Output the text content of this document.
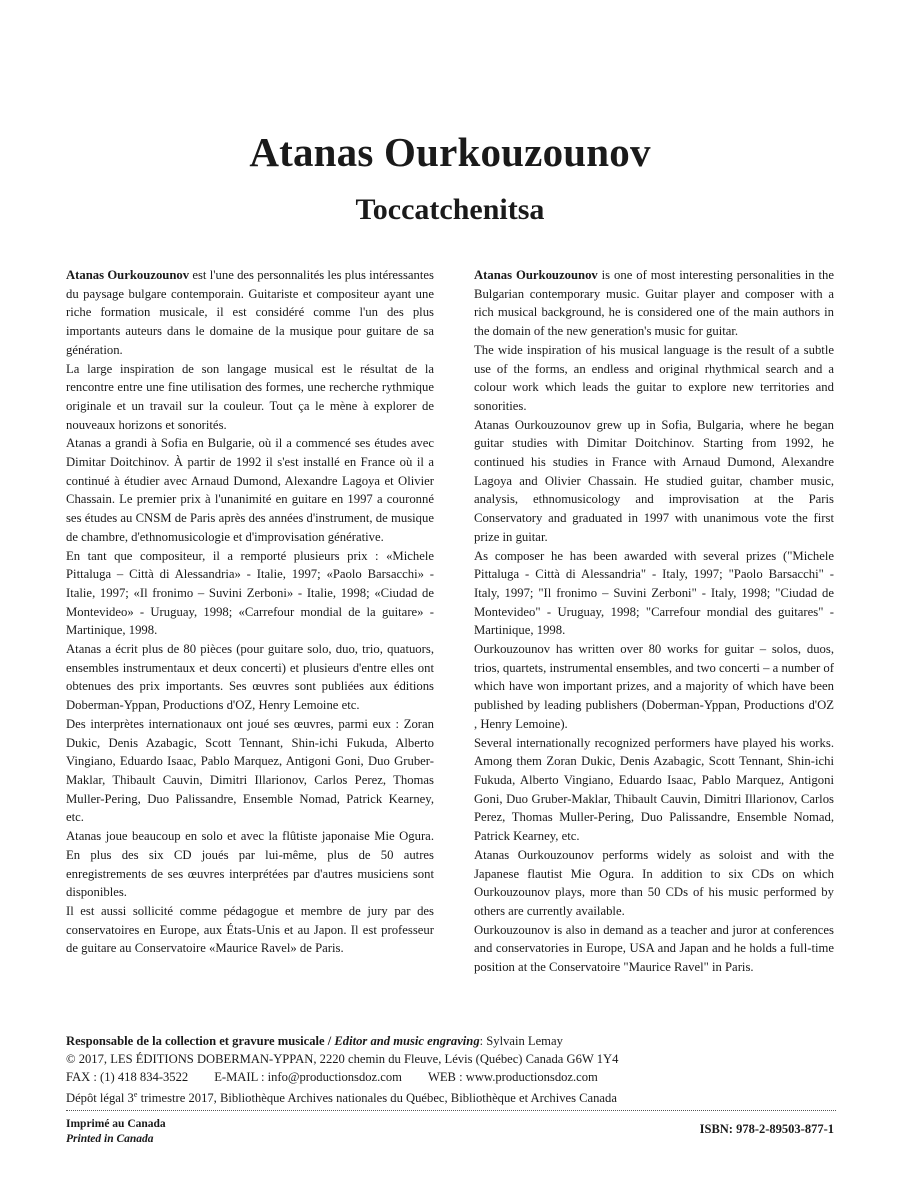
Atanas Ourkouzounov
Toccatchenitsa

Atanas Ourkouzounov est l'une des personnalités les plus intéressantes du paysage bulgare contemporain. Guitariste et compositeur ayant une riche formation musicale, il est considéré comme l'un des plus importants auteurs dans le domaine de la musique pour guitare de sa génération.

La large inspiration de son langage musical est le résultat de la rencontre entre une fine utilisation des formes, une recherche rythmique originale et un travail sur la couleur. Tout ça le mène à explorer de nouveaux horizons et sonorités.

Atanas a grandi à Sofia en Bulgarie, où il a commencé ses études avec Dimitar Doitchinov. À partir de 1992 il s'est installé en France où il a continué à étudier avec Arnaud Dumond, Alexandre Lagoya et Olivier Chassain. Le premier prix à l'unanimité en guitare en 1997 a couronné ses études au CNSM de Paris après des années d'instrument, de musique de chambre, d'ethnomusicologie et d'improvisation générative.

En tant que compositeur, il a remporté plusieurs prix : «Michele Pittaluga – Città di Alessandria» - Italie, 1997; «Paolo Barsacchi» - Italie, 1997; «Il fronimo – Suvini Zerboni» - Italie, 1998; «Ciudad de Montevideo» - Uruguay, 1998; «Carrefour mondial de la guitare» - Martinique, 1998.

Atanas a écrit plus de 80 pièces (pour guitare solo, duo, trio, quatuors, ensembles instrumentaux et deux concerti) et plusieurs d'entre elles ont obtenues des prix importants. Ses œuvres sont publiées aux éditions Doberman-Yppan, Productions d'OZ, Henry Lemoine etc.

Des interprètes internationaux ont joué ses œuvres, parmi eux : Zoran Dukic, Denis Azabagic, Scott Tennant, Shin-ichi Fukuda, Alberto Vingiano, Eduardo Isaac, Pablo Marquez, Antigoni Goni, Duo Gruber-Maklar, Thibault Cauvin, Dimitri Illarionov, Carlos Perez, Thomas Muller-Pering, Duo Palissandre, Ensemble Nomad, Patrick Kearney, etc.

Atanas joue beaucoup en solo et avec la flûtiste japonaise Mie Ogura. En plus des six CD joués par lui-même, plus de 50 autres enregistrements de ses œuvres interprétées par d'autres musiciens sont disponibles.

Il est aussi sollicité comme pédagogue et membre de jury par des conservatoires en Europe, aux États-Unis et au Japon. Il est professeur de guitare au Conservatoire «Maurice Ravel» de Paris.

Atanas Ourkouzounov is one of most interesting personalities in the Bulgarian contemporary music. Guitar player and composer with a rich musical background, he is considered one of the main authors in the domain of the new generation's music for guitar.

The wide inspiration of his musical language is the result of a subtle use of the forms, an endless and original rhythmical search and a colour work which leads the guitar to explore new territories and sonorities.

Atanas Ourkouzounov grew up in Sofia, Bulgaria, where he began guitar studies with Dimitar Doitchinov. Starting from 1992, he continued his studies in France with Arnaud Dumond, Alexandre Lagoya and Olivier Chassain. He studied guitar, chamber music, analysis, ethnomusicology and improvisation at the Paris Conservatory and graduated in 1997 with unanimous vote the first prize in guitar.

As composer he has been awarded with several prizes ("Michele Pittaluga - Città di Alessandria" - Italy, 1997; "Paolo Barsacchi" - Italy, 1997; "Il fronimo – Suvini Zerboni" - Italy, 1998; "Ciudad de Montevideo" - Uruguay, 1998; "Carrefour mondial des guitares" - Martinique, 1998.

Ourkouzounov has written over 80 works for guitar – solos, duos, trios, quartets, instrumental ensembles, and two concerti – a number of which have won important prizes, and a majority of which have been published by leading publishers (Doberman-Yppan, Productions d'OZ , Henry Lemoine).

Several internationally recognized performers have played his works. Among them Zoran Dukic, Denis Azabagic, Scott Tennant, Shin-ichi Fukuda, Alberto Vingiano, Eduardo Isaac, Pablo Marquez, Antigoni Goni, Duo Gruber-Maklar, Thibault Cauvin, Dimitri Illarionov, Carlos Perez, Thomas Muller-Pering, Duo Palissandre, Ensemble Nomad, Patrick Kearney, etc.

Atanas Ourkouzounov performs widely as soloist and with the Japanese flautist Mie Ogura. In addition to six CDs on which Ourkouzounov plays, more than 50 CDs of his music performed by others are currently available.

Ourkouzounov is also in demand as a teacher and juror at conferences and conservatories in Europe, USA and Japan and he holds a full-time position at the Conservatoire "Maurice Ravel" in Paris.

Responsable de la collection et gravure musicale / Editor and music engraving: Sylvain Lemay
© 2017, LES ÉDITIONS DOBERMAN-YPPAN, 2220 chemin du Fleuve, Lévis (Québec) Canada G6W 1Y4
FAX : (1) 418 834-3522 E-MAIL : info@productionsdoz.com WEB : www.productionsdoz.com
Dépôt légal 3e trimestre 2017, Bibliothèque Archives nationales du Québec, Bibliothèque et Archives Canada
Imprimé au Canada
Printed in Canada
ISBN: 978-2-89503-877-1
